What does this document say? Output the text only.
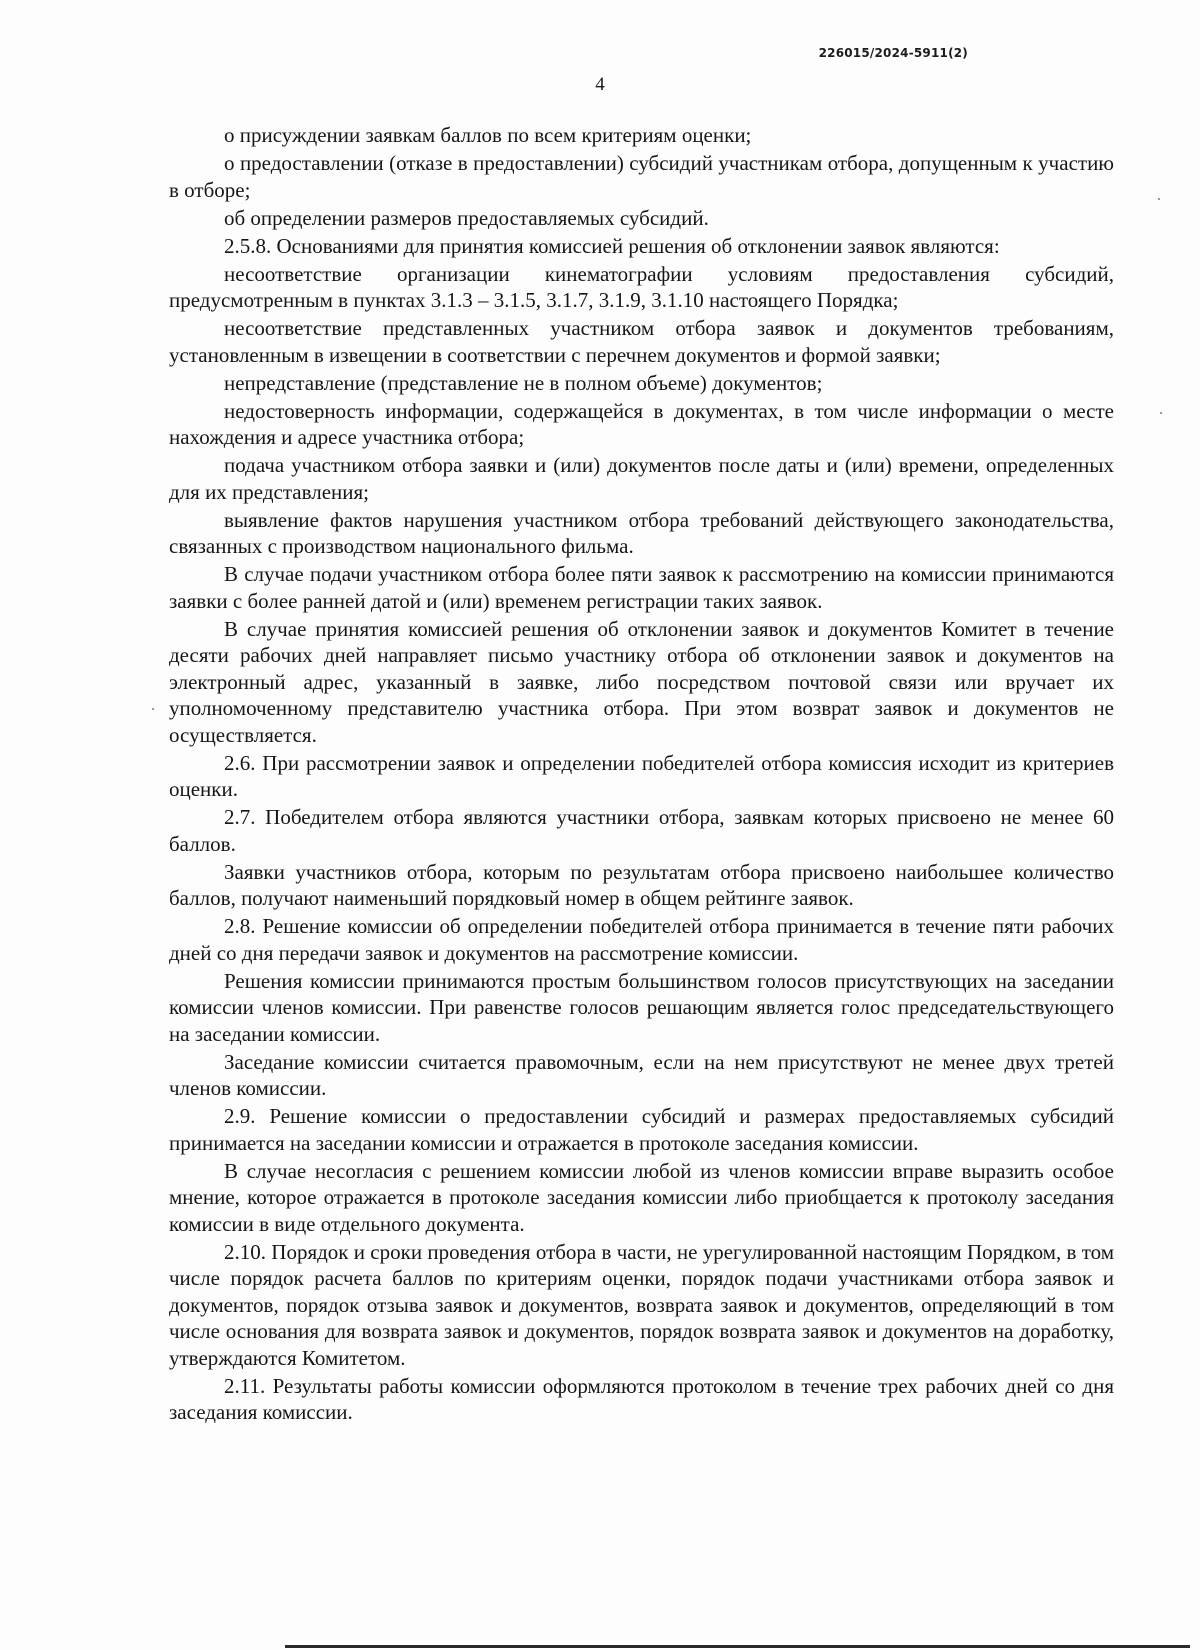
226015/2024-5911(2)
4

о присуждении заявкам баллов по всем критериям оценки;

о предоставлении (отказе в предоставлении) субсидий участникам отбора, допущенным к участию в отборе;

об определении размеров предоставляемых субсидий.

2.5.8. Основаниями для принятия комиссией решения об отклонении заявок являются:

несоответствие организации кинематографии условиям предоставления субсидий, предусмотренным в пунктах 3.1.3 – 3.1.5, 3.1.7, 3.1.9, 3.1.10 настоящего Порядка;

несоответствие представленных участником отбора заявок и документов требованиям, установленным в извещении в соответствии с перечнем документов и формой заявки;

непредставление (представление не в полном объеме) документов;

недостоверность информации, содержащейся в документах, в том числе информации о месте нахождения и адресе участника отбора;

подача участником отбора заявки и (или) документов после даты и (или) времени, определенных для их представления;

выявление фактов нарушения участником отбора требований действующего законодательства, связанных с производством национального фильма.

В случае подачи участником отбора более пяти заявок к рассмотрению на комиссии принимаются заявки с более ранней датой и (или) временем регистрации таких заявок.

В случае принятия комиссией решения об отклонении заявок и документов Комитет в течение десяти рабочих дней направляет письмо участнику отбора об отклонении заявок и документов на электронный адрес, указанный в заявке, либо посредством почтовой связи или вручает их уполномоченному представителю участника отбора. При этом возврат заявок и документов не осуществляется.

2.6. При рассмотрении заявок и определении победителей отбора комиссия исходит из критериев оценки.

2.7. Победителем отбора являются участники отбора, заявкам которых присвоено не менее 60 баллов.

Заявки участников отбора, которым по результатам отбора присвоено наибольшее количество баллов, получают наименьший порядковый номер в общем рейтинге заявок.

2.8. Решение комиссии об определении победителей отбора принимается в течение пяти рабочих дней со дня передачи заявок и документов на рассмотрение комиссии.

Решения комиссии принимаются простым большинством голосов присутствующих на заседании комиссии членов комиссии. При равенстве голосов решающим является голос председательствующего на заседании комиссии.

Заседание комиссии считается правомочным, если на нем присутствуют не менее двух третей членов комиссии.

2.9. Решение комиссии о предоставлении субсидий и размерах предоставляемых субсидий принимается на заседании комиссии и отражается в протоколе заседания комиссии.

В случае несогласия с решением комиссии любой из членов комиссии вправе выразить особое мнение, которое отражается в протоколе заседания комиссии либо приобщается к протоколу заседания комиссии в виде отдельного документа.

2.10. Порядок и сроки проведения отбора в части, не урегулированной настоящим Порядком, в том числе порядок расчета баллов по критериям оценки, порядок подачи участниками отбора заявок и документов, порядок отзыва заявок и документов, возврата заявок и документов, определяющий в том числе основания для возврата заявок и документов, порядок возврата заявок и документов на доработку, утверждаются Комитетом.

2.11. Результаты работы комиссии оформляются протоколом в течение трех рабочих дней со дня заседания комиссии.
